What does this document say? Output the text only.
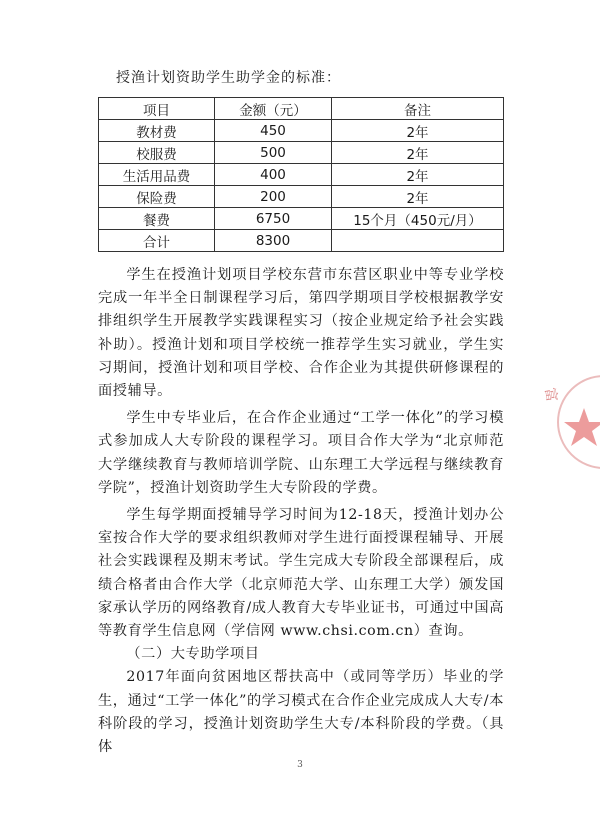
授渔计划资助学生助学金的标准：
项目	金额（元）	备注
教材费	450	2年
校服费	500	2年
生活用品费	400	2年
保险费	200	2年
餐费	6750	15个月（450元/月）
合计	8300	

学生在授渔计划项目学校东营市东营区职业中等专业学校完成一年半全日制课程学习后，第四学期项目学校根据教学安排组织学生开展教学实践课程实习（按企业规定给予社会实践补助）。授渔计划和项目学校统一推荐学生实习就业，学生实习期间，授渔计划和项目学校、合作企业为其提供研修课程的面授辅导。

学生中专毕业后，在合作企业通过“工学一体化”的学习模式参加成人大专阶段的课程学习。项目合作大学为“北京师范大学继续教育与教师培训学院、山东理工大学远程与继续教育学院”，授渔计划资助学生大专阶段的学费。

学生每学期面授辅导学习时间为12-18天，授渔计划办公室按合作大学的要求组织教师对学生进行面授课程辅导、开展社会实践课程及期末考试。学生完成大专阶段全部课程后，成绩合格者由合作大学（北京师范大学、山东理工大学）颁发国家承认学历的网络教育/成人教育大专毕业证书，可通过中国高等教育学生信息网（学信网 www.chsi.com.cn）查询。

（二）大专助学项目

2017年面向贫困地区帮扶高中（或同等学历）毕业的学生，通过“工学一体化”的学习模式在合作企业完成成人大专/本科阶段的学习，授渔计划资助学生大专/本科阶段的学费。（具体

3
富
